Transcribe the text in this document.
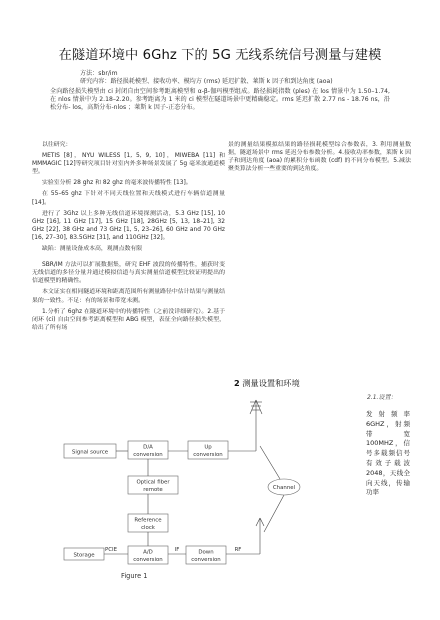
在隧道环境中 6Ghz 下的 5G 无线系统信号测量与建模
方法：sbr/im
研究内容：路径损耗模型、接收功率、模均方 (rms) 延迟扩散、莱斯 k 因子和到达角度 (aoa)
全向路径损失模型由 ci 封闭自由空间参考距离模型和 α-β-伽玛模型组成。路径损耗指数 (ples) 在 los 情景中为 1.50–1.74, 在 nlos 情景中为 2.18–2.20。参考距离为 1 米的 ci 模型在隧道场景中更精确稳定。rms 延迟扩散 2.77 ns - 18.76 ns，沿松分布- los，高斯分布-nlos ；莱斯 k 因子-正态分布。

以往研究：

METIS [8]，NYU WILESS [1, 5, 9, 10]，MIWEBA [11] 和 MMMAGIC [12]等研究项目针对室内外多种场景发展了 5g 毫米波通道模型。

实验室分析 28 ghz 和 82 ghz 的毫米波传播特性 [13]。

在 55–65 ghz 下针对不同天线位置和天线模式进行车辆信道测量 [14]。

进行了 3Ghz 以上多种无线信道环境探测活动，5.3 GHz [15], 10 GHz [16], 11 GHz [17], 15 GHz [18], 28GHz [5, 13, 18–21], 32 GHz [22], 38 GHz and 73 GHz [1, 5, 23–26], 60 GHz and 70 GHz [16, 27–30], 83.5GHz [31], and 110GHz [32]。

缺陷：测量设备成本高，观测点数有限

SBR/IM 方法可以扩展数据集，研究 EHF 波段的传播特性，捕获时变无线信道的多径分量并通过模拟信道与真实测量信道模型比较证明提出的信道模型的精确性。

本文证实在相同隧道环境和距离范围所有测量路径中估计结果与测量结果的一致性。不足：有的场景和带宽未测。

1.分析了 6ghz 在隧道环境中的传播特性（之前没详细研究）。2.基于闭环 (ci) 自由空间参考距离模型和 ABG 模型，表征全向路径损失模型，给出了所有场

景的测量结果模拟结果的路径损耗模型综合参数表，3. 利用测量数据，隧道场景中 rms 延迟分布参数分析。4.接收功率参数，莱斯 k 因子和到达角度 (aoa) 的累积分布函数 (cdf) 的不同分布模型。5.减法聚类算法分析一些重要的到达角度。

2 测量设置和环境
2.1.设置：
发射频率 6GHZ，射频带宽 100MHZ，信号多载频信号有效子载波 2048，天线全向天线，传输功率
Signal source
D/A
conversion
Up
conversion
Optical fiber
remote
Reference
clock
Channel
Storage	A/D
conversion
Down
conversion
PCIE	IF	RF
Figure 1
